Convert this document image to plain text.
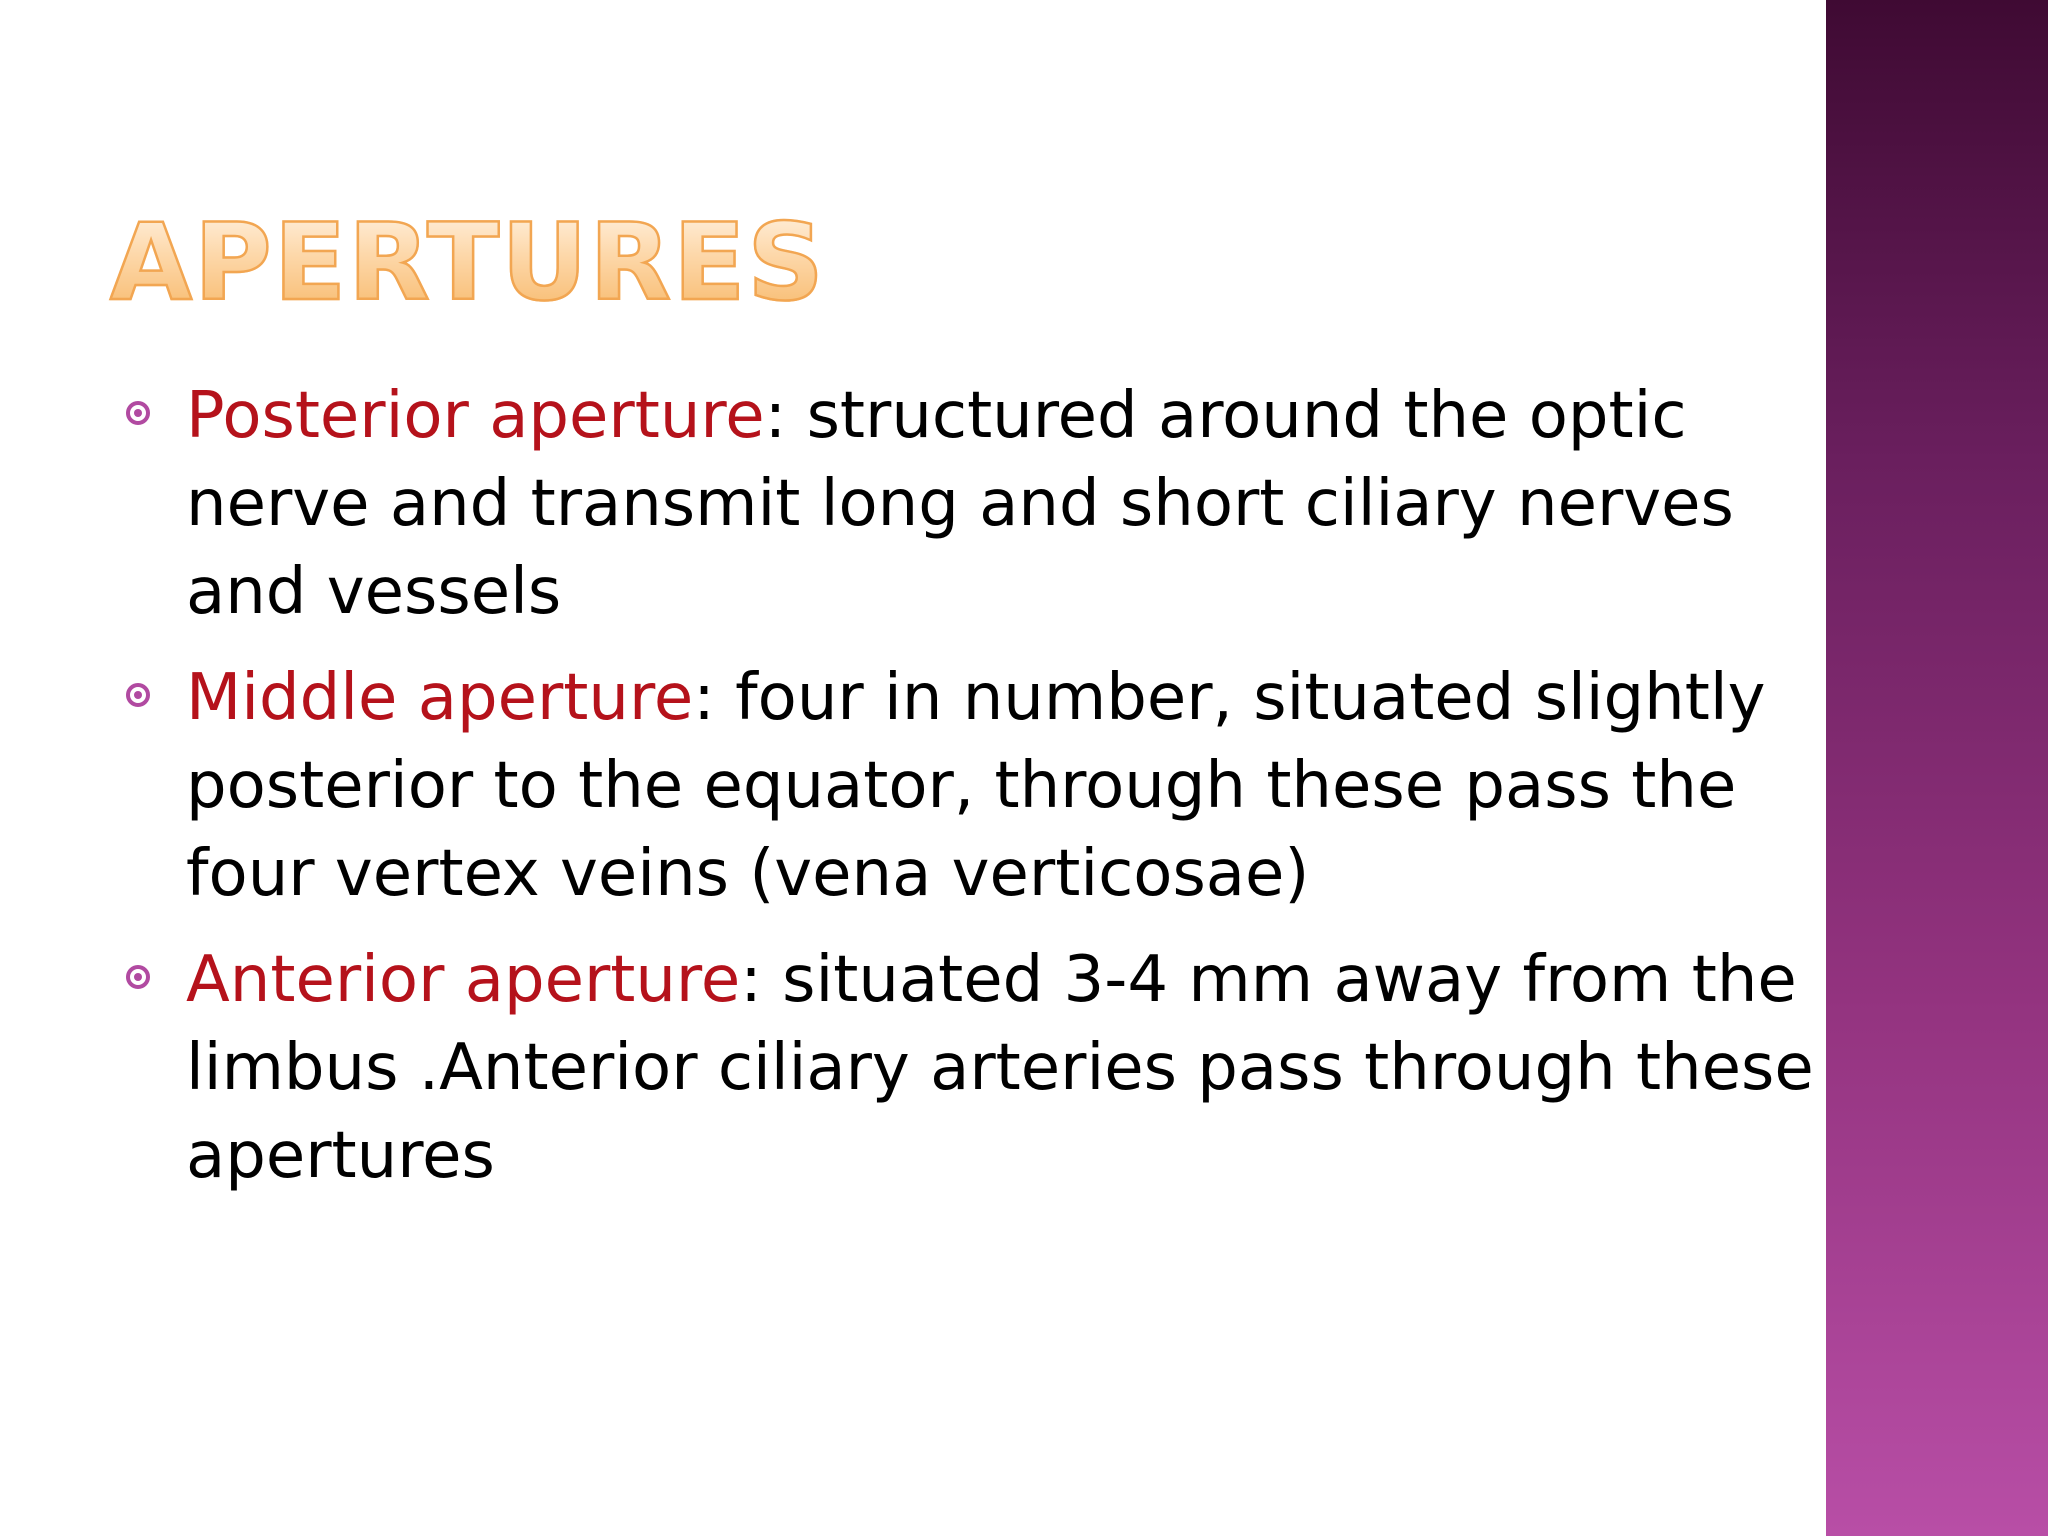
APERTURES
Posterior aperture: structured around the optic nerve and transmit long and short ciliary nerves and vessels
Middle aperture: four in number, situated slightly posterior to the equator, through these pass the four vertex veins (vena verticosae)
Anterior aperture: situated 3-4 mm away from the limbus .Anterior ciliary arteries pass through these apertures
